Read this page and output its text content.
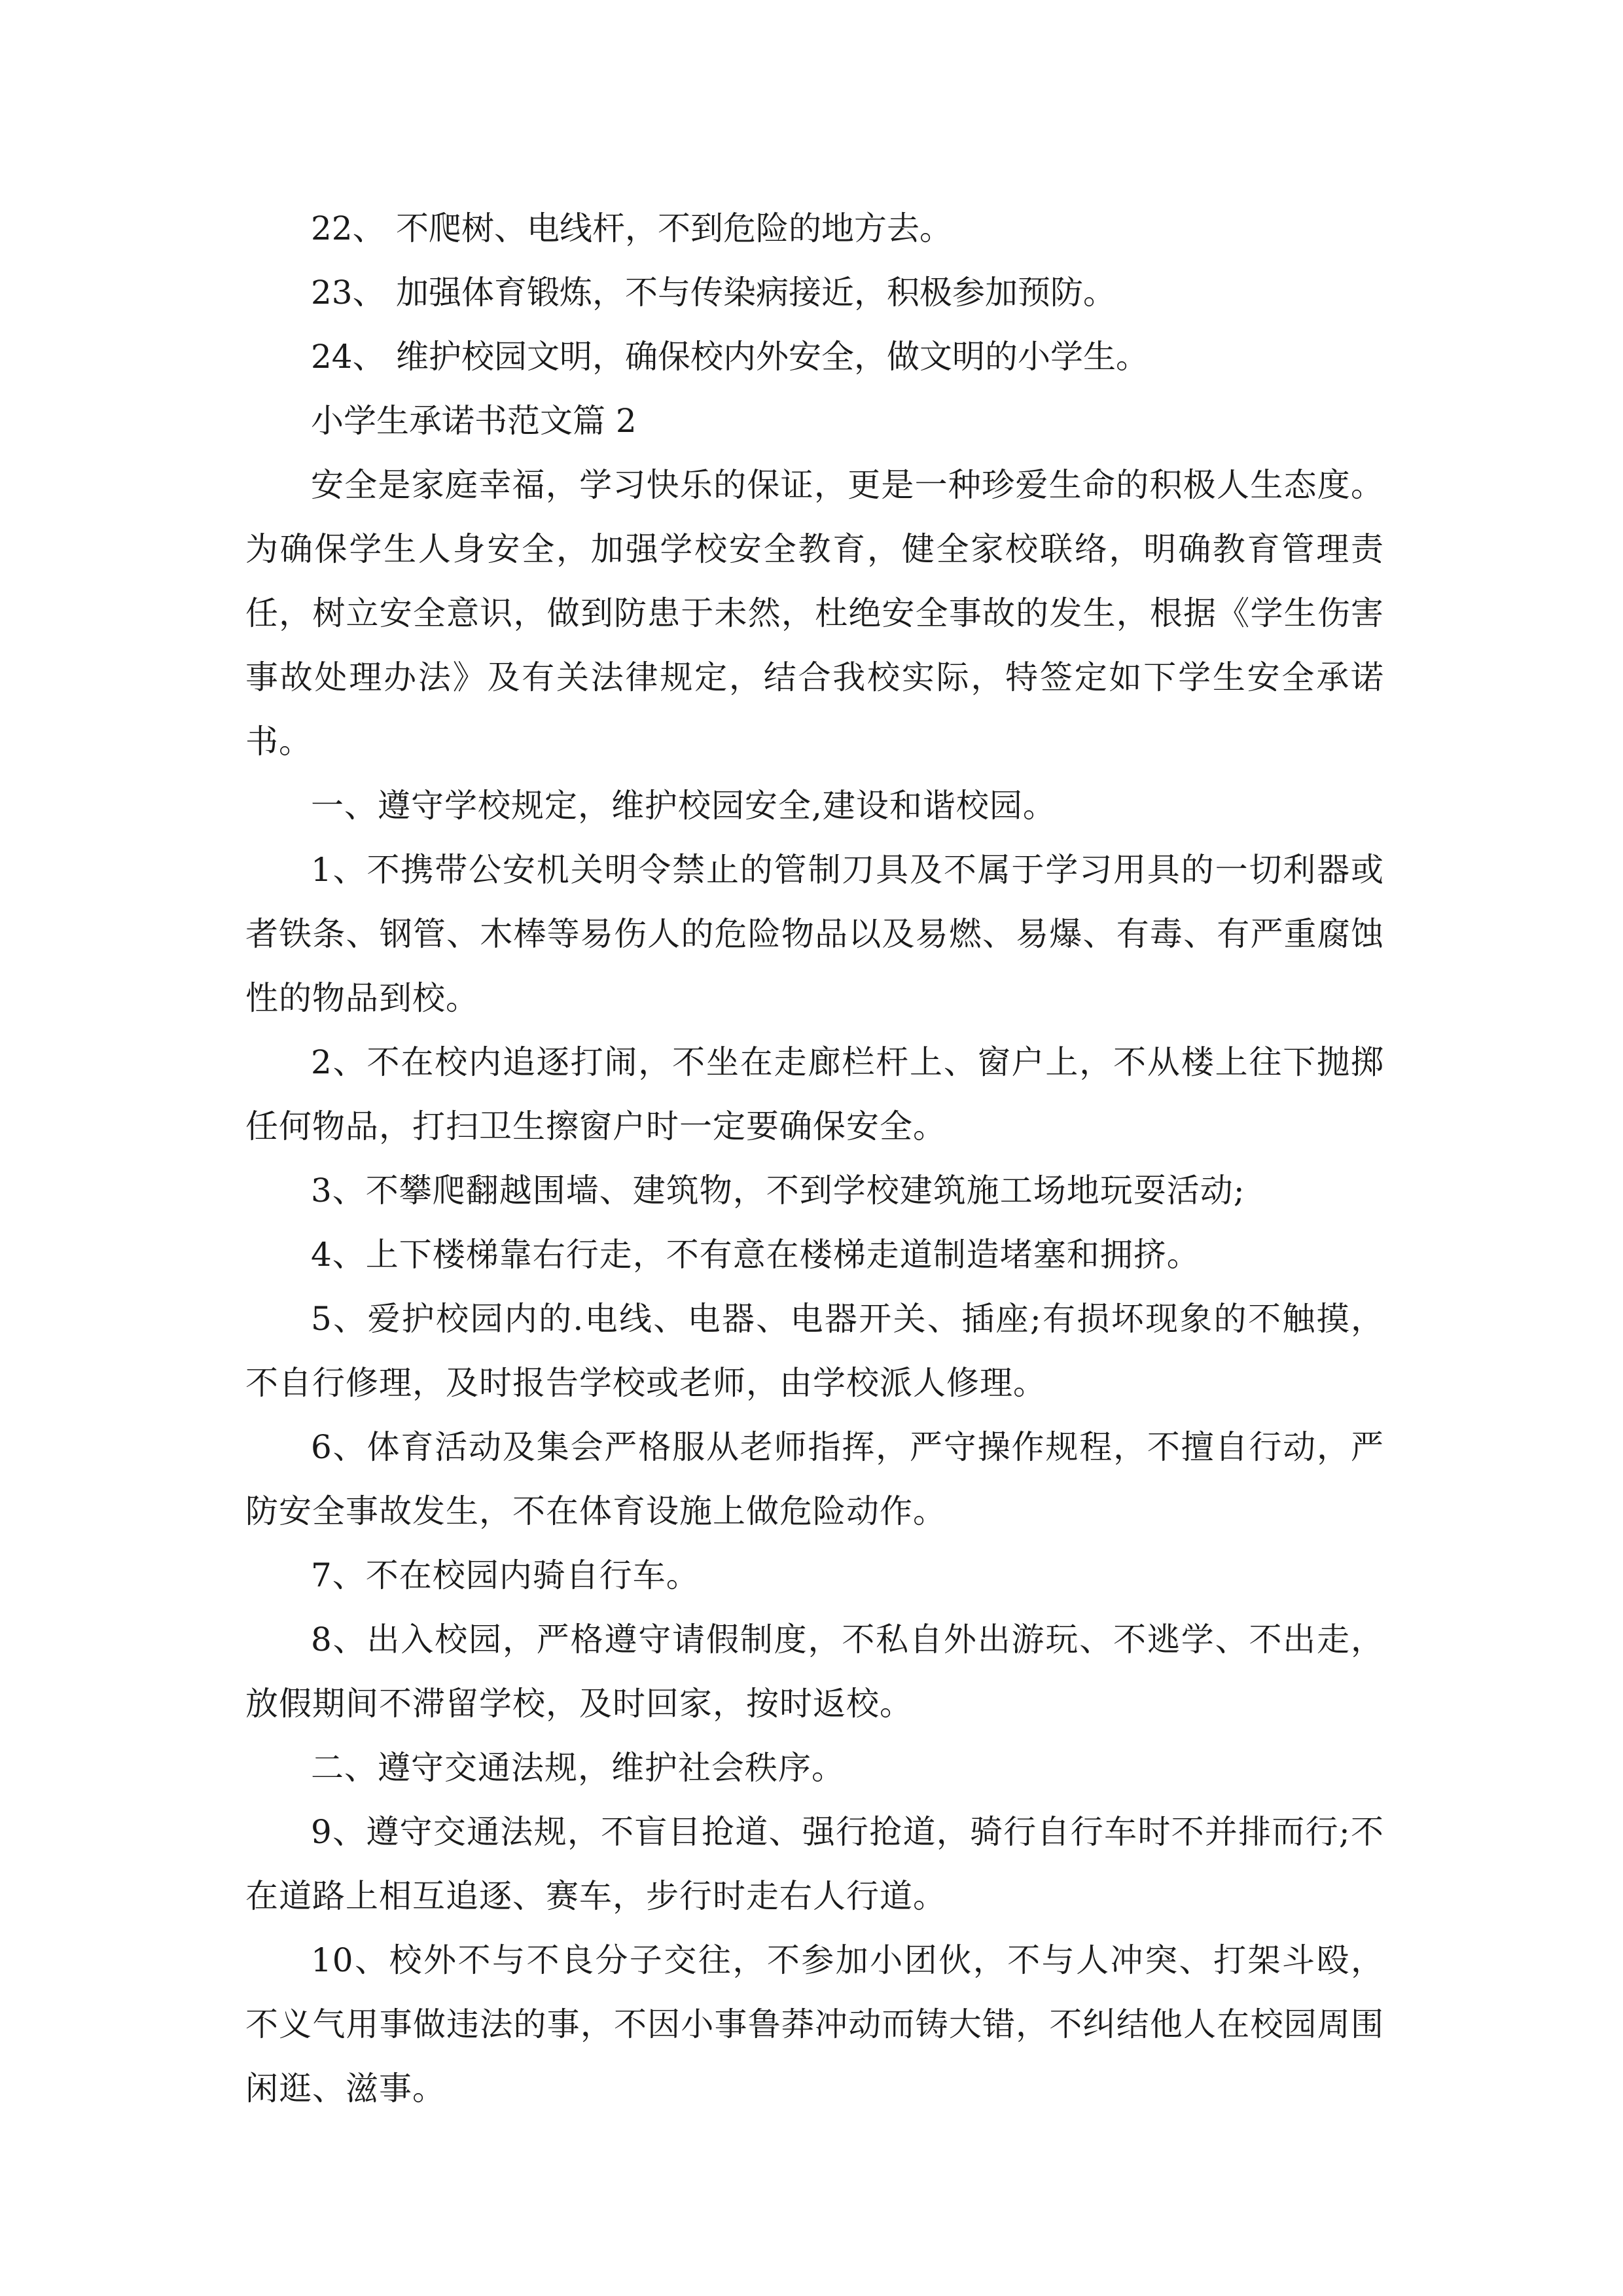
22、 不爬树、电线杆，不到危险的地方去。

23、 加强体育锻炼，不与传染病接近，积极参加预防。

24、 维护校园文明，确保校内外安全，做文明的小学生。

小学生承诺书范文篇 2

安全是家庭幸福，学习快乐的保证，更是一种珍爱生命的积极人生态度。为确保学生人身安全，加强学校安全教育，健全家校联络，明确教育管理责任，树立安全意识，做到防患于未然，杜绝安全事故的发生，根据《学生伤害事故处理办法》及有关法律规定，结合我校实际，特签定如下学生安全承诺书。

一、遵守学校规定，维护校园安全,建设和谐校园。

1、不携带公安机关明令禁止的管制刀具及不属于学习用具的一切利器或者铁条、钢管、木棒等易伤人的危险物品以及易燃、易爆、有毒、有严重腐蚀性的物品到校。

2、不在校内追逐打闹，不坐在走廊栏杆上、窗户上，不从楼上往下抛掷任何物品，打扫卫生擦窗户时一定要确保安全。

3、不攀爬翻越围墙、建筑物，不到学校建筑施工场地玩耍活动;

4、上下楼梯靠右行走，不有意在楼梯走道制造堵塞和拥挤。

5、爱护校园内的.电线、电器、电器开关、插座;有损坏现象的不触摸，不自行修理，及时报告学校或老师，由学校派人修理。

6、体育活动及集会严格服从老师指挥，严守操作规程，不擅自行动，严防安全事故发生，不在体育设施上做危险动作。

7、不在校园内骑自行车。

8、出入校园，严格遵守请假制度，不私自外出游玩、不逃学、不出走，放假期间不滞留学校，及时回家，按时返校。

二、遵守交通法规，维护社会秩序。

9、遵守交通法规，不盲目抢道、强行抢道，骑行自行车时不并排而行;不在道路上相互追逐、赛车，步行时走右人行道。

10、校外不与不良分子交往，不参加小团伙，不与人冲突、打架斗殴，不义气用事做违法的事，不因小事鲁莽冲动而铸大错，不纠结他人在校园周围闲逛、滋事。
